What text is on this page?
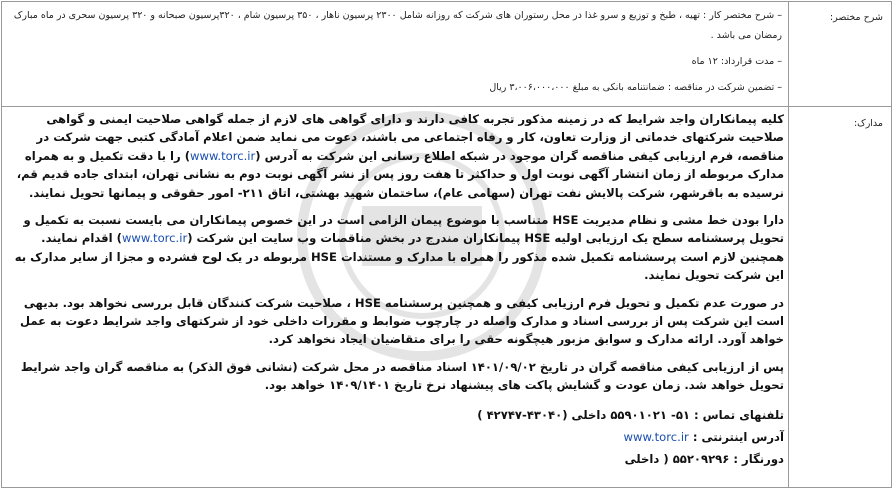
شرح مختصر:
مدارک:

– شرح مختصر کار : تهیه ، طبخ و توزیع و سرو غذا در محل رستوران های شرکت که روزانه شامل ۲۳۰۰ پرسیون ناهار ، ۳۵۰ پرسیون شام ، ۳۲۰پرسیون صبحانه و ۳۲۰ پرسیون سحری در ماه مبارک رمضان می باشد .

– مدت قرارداد: ۱۲ ماه

– تضمین شرکت در مناقصه : ضمانتنامه بانکی به مبلغ ۳،۰۰۶،۰۰۰،۰۰۰ ریال

کلیه پیمانکاران واجد شرایط که در زمینه مذکور تجربه کافی دارند و دارای گواهی های لازم از جمله گواهی صلاحیت ایمنی و گواهی صلاحیت شرکتهای خدماتی از وزارت تعاون، کار و رفاه اجتماعی می باشند، دعوت می نماید ضمن اعلام آمادگی کتبی جهت شرکت در مناقصه، فرم ارزیابی کیفی مناقصه گران موجود در شبکه اطلاع رسانی این شرکت به آدرس (www.torc.ir) را با دقت تکمیل و به همراه مدارک مربوطه از زمان انتشار آگهی نوبت اول و حداکثر تا هفت روز پس از نشر آگهی نوبت دوم به نشانی تهران، ابتدای جاده قدیم قم، نرسیده به باقرشهر، شرکت پالایش نفت تهران (سهامی عام)، ساختمان شهید بهشتی، اتاق ۲۱۱- امور حقوقی و پیمانها تحویل نمایند.

دارا بودن خط مشی و نظام مدیریت HSE متناسب با موضوع پیمان الزامی است در این خصوص پیمانکاران می بایست نسبت به تکمیل و تحویل پرسشنامه سطح یک ارزیابی اولیه HSE پیمانکاران مندرج در بخش مناقصات وب سایت این شرکت (www.torc.ir) اقدام نمایند. همچنین لازم است پرسشنامه تکمیل شده مذکور را همراه با مدارک و مستندات HSE مربوطه در یک لوح فشرده و مجزا از سایر مدارک به این شرکت تحویل نمایند.

در صورت عدم تکمیل و تحویل فرم ارزیابی کیفی و همچنین پرسشنامه HSE ، صلاحیت شرکت کنندگان قابل بررسی نخواهد بود. بدیهی است این شرکت پس از بررسی اسناد و مدارک واصله در چارچوب ضوابط و مقررات داخلی خود از شرکتهای واجد شرایط دعوت به عمل خواهد آورد. ارائه مدارک و سوابق مزبور هیچگونه حقی را برای متقاضیان ایجاد نخواهد کرد.

پس از ارزیابی کیفی مناقصه گران در تاریخ ۱۴۰۱/۰۹/۰۲ اسناد مناقصه در محل شرکت (نشانی فوق الذکر) به مناقصه گران واجد شرایط تحویل خواهد شد. زمان عودت و گشایش پاکت های پیشنهاد نرخ تاریخ ۱۴۰۹/۱۴۰۱ خواهد بود.

تلفنهای تماس : ۵۱- ۵۵۹۰۱۰۲۱ داخلی (۴۳۰۴۰-۴۲۷۴۷ )

آدرس اینترنتی : www.torc.ir

دورنگار : ۵۵۲۰۹۲۹۶ ( داخلی
